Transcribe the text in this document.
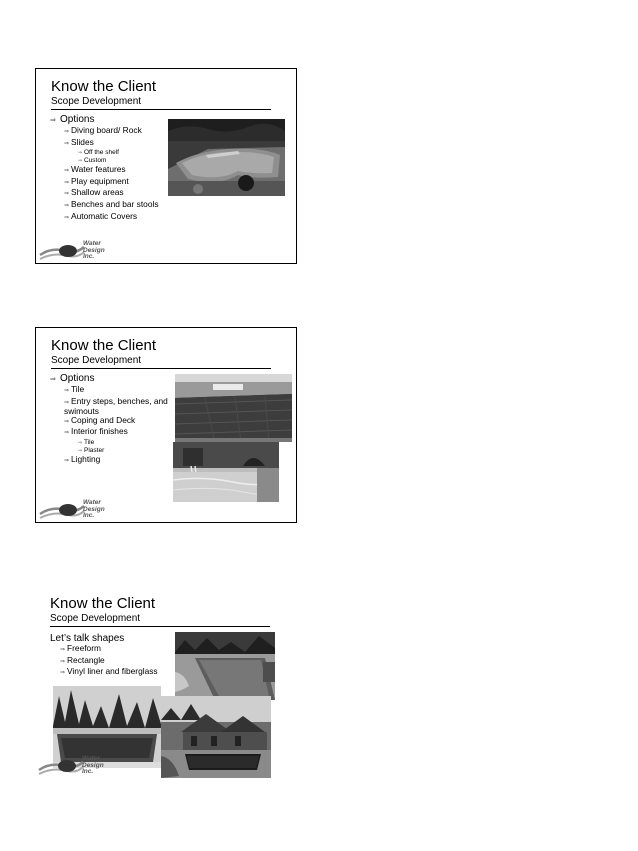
Know the Client
Scope Development
⇒ Options
⇒ Diving board/ Rock
⇒ Slides
⇒ Off the shelf
⇒ Custom
⇒ Water features
⇒ Play equipment
⇒ Shallow areas
⇒ Benches and bar stools
⇒ Automatic Covers
Water
Design
Inc.
Know the Client
Scope Development
⇒ Options
⇒ Tile
⇒ Entry steps, benches, and swimouts
⇒ Coping and Deck
⇒ Interior finishes
⇒ Tile
⇒ Plaster
⇒ Lighting
Water
Design
Inc.
Know the Client
Scope Development
Let’s talk shapes
⇒ Freeform
⇒ Rectangle
⇒ Vinyl liner and fiberglass
Water
Design
Inc.
